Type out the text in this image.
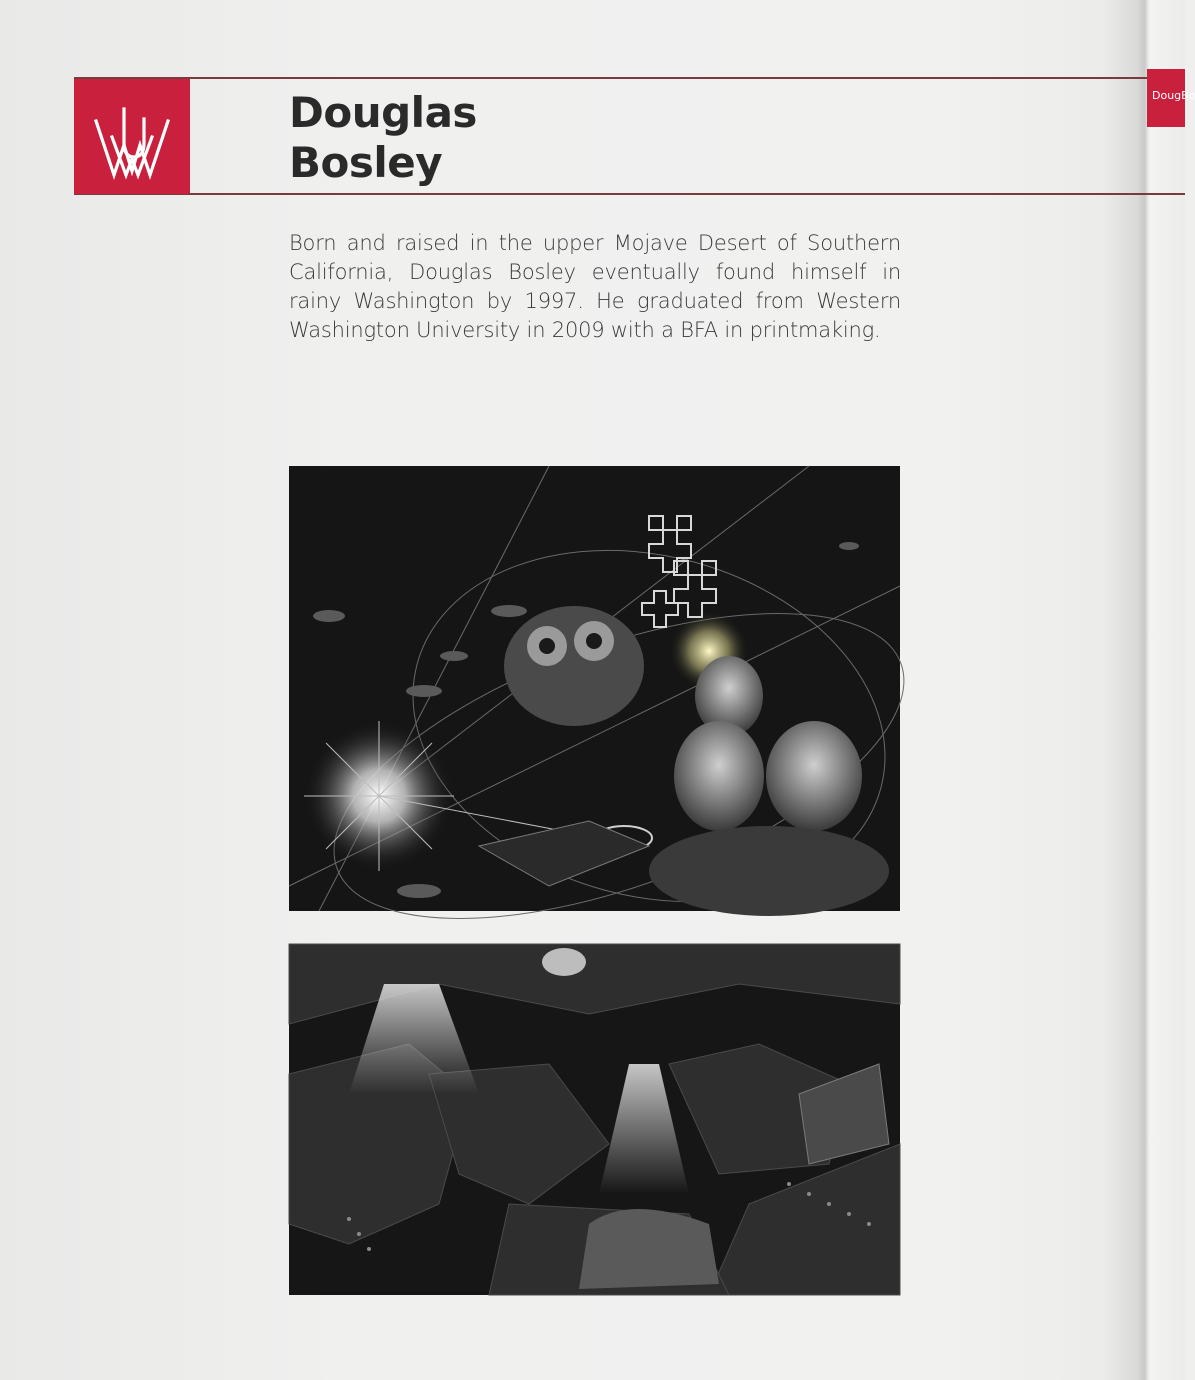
Douglas
Bosley
Born and raised in the upper Mojave Desert of Southern California, Douglas Bosley eventually found himself in rainy Washington by 1997. He graduated from Western Washington University in 2009 with a BFA in printmaking.
DougBo
